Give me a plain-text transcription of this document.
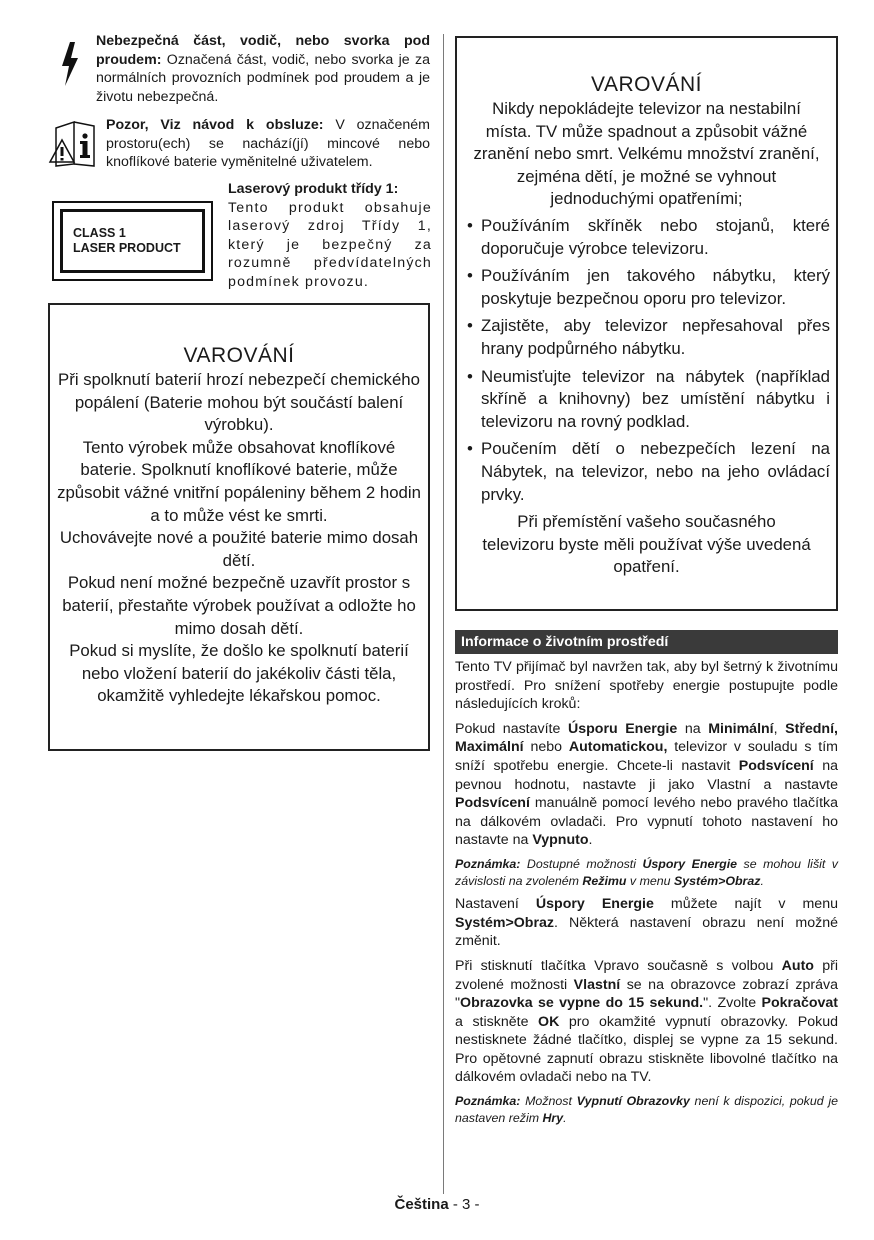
Nebezpečná část, vodič, nebo svorka pod proudem: Označená část, vodič, nebo svorka je za normálních provozních podmínek pod proudem a je životu nebezpečná.

Pozor, Viz návod k obsluze: V označeném prostoru(ech) se nachází(jí) mincové nebo knoflíkové baterie vyměnitelné uživatelem.

CLASS 1
LASER PRODUCT

Laserový produkt třídy 1:

Tento produkt obsahuje laserový zdroj Třídy 1, který je bezpečný za rozumně předvídatelných podmínek provozu.

VAROVÁNÍ

Při spolknutí baterií hrozí nebezpečí chemického popálení (Baterie mohou být součástí balení výrobku).

Tento výrobek může obsahovat knoflíkové baterie. Spolknutí knoflíkové baterie, může způsobit vážné vnitřní popáleniny během 2 hodin a to může vést ke smrti.

Uchovávejte nové a použité baterie mimo dosah dětí.

Pokud není možné bezpečně uzavřít prostor s baterií, přestaňte výrobek používat a odložte ho mimo dosah dětí.

Pokud si myslíte, že došlo ke spolknutí baterií nebo vložení baterií do jakékoliv části těla, okamžitě vyhledejte lékařskou pomoc.

VAROVÁNÍ

Nikdy nepokládejte televizor na nestabilní místa. TV může spadnout a způsobit vážné zranění nebo smrt. Velkému množství zranění, zejména dětí, je možné se vyhnout jednoduchými opatřeními;

• Používáním skříněk nebo stojanů, které doporučuje výrobce televizoru.
• Používáním jen takového nábytku, který poskytuje bezpečnou oporu pro televizor.
• Zajistěte, aby televizor nepřesahoval přes hrany podpůrného nábytku.
• Neumisťujte televizor na nábytek (například skříně a knihovny) bez umístění nábytku i televizoru na rovný podklad.
• Poučením dětí o nebezpečích lezení na Nábytek, na televizor, nebo na jeho ovládací prvky.

Při přemístění vašeho současného televizoru byste měli používat výše uvedená opatření.

Informace o životním prostředí

Tento TV přijímač byl navržen tak, aby byl šetrný k životnímu prostředí. Pro snížení spotřeby energie postupujte podle následujících kroků:

Pokud nastavíte Úsporu Energie na Minimální, Střední, Maximální nebo Automatickou, televizor v souladu s tím sníží spotřebu energie. Chcete-li nastavit Podsvícení na pevnou hodnotu, nastavte ji jako Vlastní a nastavte Podsvícení manuálně pomocí levého nebo pravého tlačítka na dálkovém ovladači. Pro vypnutí tohoto nastavení ho nastavte na Vypnuto.

Poznámka: Dostupné možnosti Úspory Energie se mohou lišit v závislosti na zvoleném Režimu v menu Systém>Obraz.

Nastavení Úspory Energie můžete najít v menu Systém>Obraz. Některá nastavení obrazu není možné změnit.

Při stisknutí tlačítka Vpravo současně s volbou Auto při zvolené možnosti Vlastní se na obrazovce zobrazí zpráva "Obrazovka se vypne do 15 sekund.". Zvolte Pokračovat a stiskněte OK pro okamžité vypnutí obrazovky. Pokud nestisknete žádné tlačítko, displej se vypne za 15 sekund. Pro opětovné zapnutí obrazu stiskněte libovolné tlačítko na dálkovém ovladači nebo na TV.

Poznámka: Možnost Vypnutí Obrazovky není k dispozici, pokud je nastaven režim Hry.

Čeština - 3 -
